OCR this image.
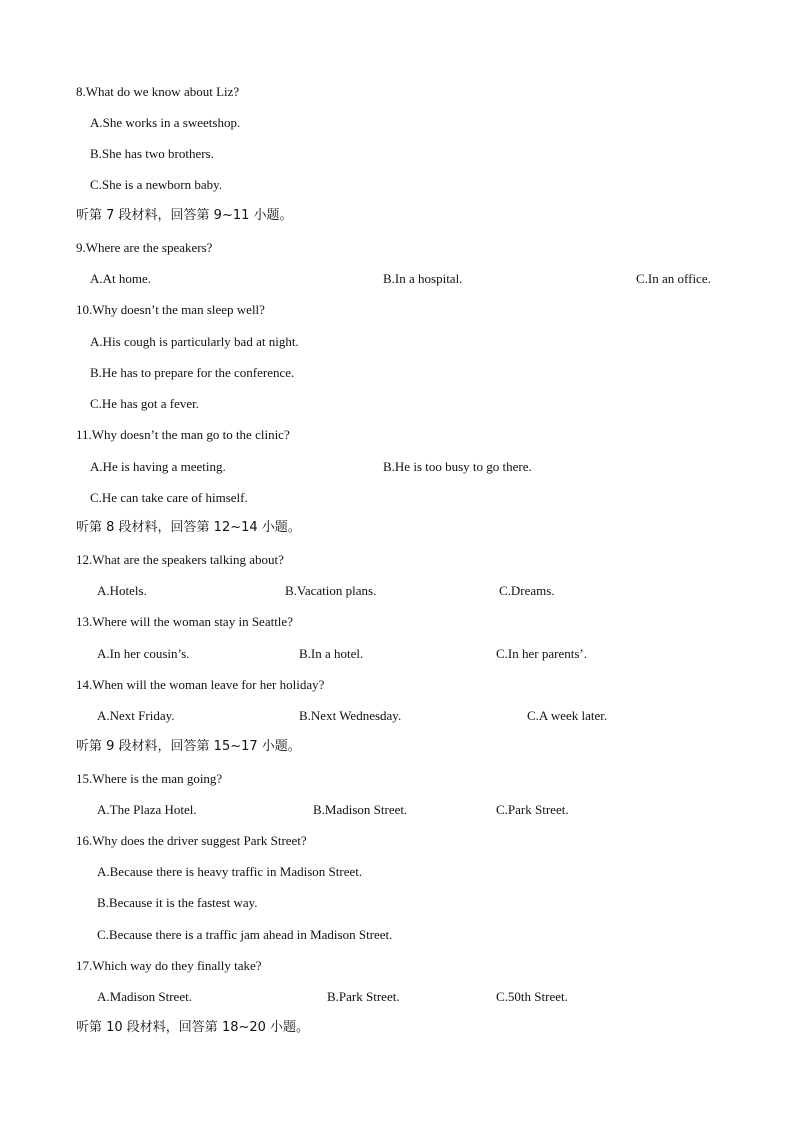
8.What do we know about Liz?
A.She works in a sweetshop.
B.She has two brothers.
C.She is a newborn baby.
听第 7 段材料，回答第 9~11 小题。
9.Where are the speakers?
A.At home.	B.In a hospital.	C.In an office.
10.Why doesn’t the man sleep well?
A.His cough is particularly bad at night.
B.He has to prepare for the conference.
C.He has got a fever.
11.Why doesn’t the man go to the clinic?
A.He is having a meeting.	B.He is too busy to go there.
C.He can take care of himself.
听第 8 段材料，回答第 12~14 小题。
12.What are the speakers talking about?
A.Hotels.	B.Vacation plans.	C.Dreams.
13.Where will the woman stay in Seattle?
A.In her cousin’s.	B.In a hotel.	C.In her parents’.
14.When will the woman leave for her holiday?
A.Next Friday.	B.Next Wednesday.	C.A week later.
听第 9 段材料，回答第 15~17 小题。
15.Where is the man going?
A.The Plaza Hotel.	B.Madison Street.	C.Park Street.
16.Why does the driver suggest Park Street?
A.Because there is heavy traffic in Madison Street.
B.Because it is the fastest way.
C.Because there is a traffic jam ahead in Madison Street.
17.Which way do they finally take?
A.Madison Street.	B.Park Street.	C.50th Street.
听第 10 段材料，回答第 18~20 小题。
